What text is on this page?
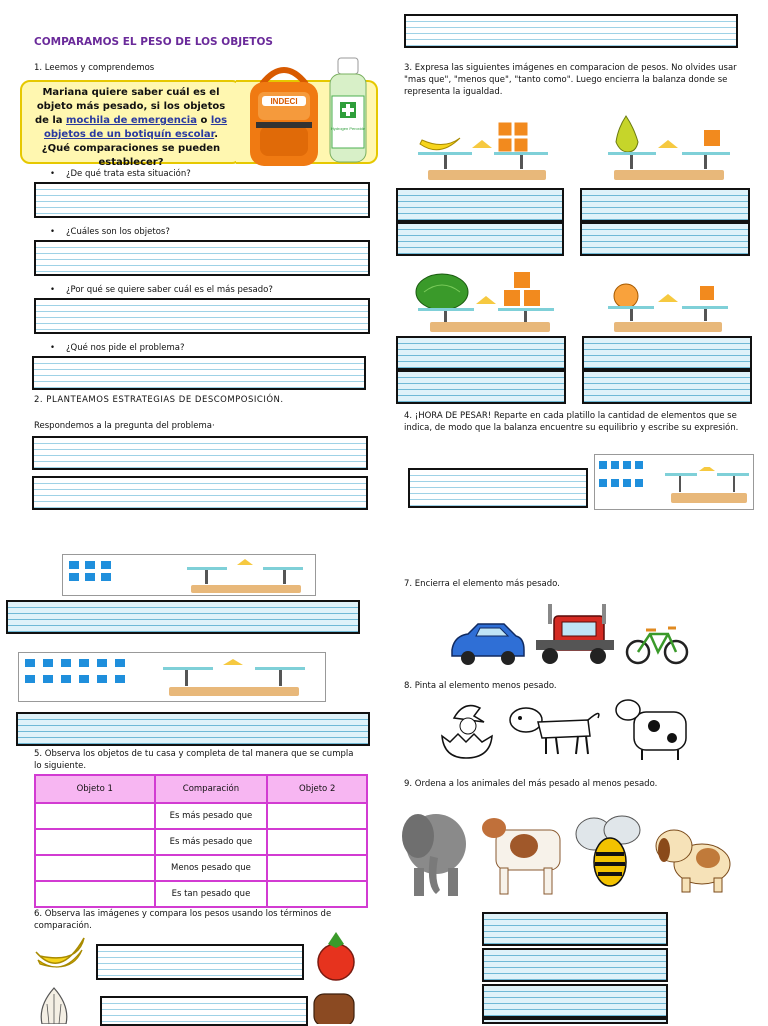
COMPARAMOS EL PESO DE LOS OBJETOS
1. Leemos y comprendemos
Mariana quiere saber cuál es el objeto más pesado, si los objetos de la mochila de emergencia o los objetos de un botiquín escolar. ¿Qué comparaciones se pueden establecer?
INDECI
Hydrogen Peroxide
• ¿De qué trata esta situación?
• ¿Cuáles son los objetos?
• ¿Por qué se quiere saber cuál es el más pesado?
• ¿Qué nos pide el problema?
2. PLANTEAMOS ESTRATEGIAS DE DESCOMPOSICIÓN.
Respondemos a la pregunta del problema·
5. Observa los objetos de tu casa y completa de tal manera que se cumpla lo siguiente.
Objeto 1	Comparación	Objeto 2
	Es más pesado que	
	Es más pesado que	
	Menos pesado que	
	Es tan pesado que	
6. Observa las imágenes y compara los pesos usando los términos de comparación.
3. Expresa las siguientes imágenes en comparacion de pesos. No olvides usar "mas que", "menos que", "tanto como". Luego encierra la balanza donde se representa la igualdad.
4. ¡HORA DE PESAR! Reparte en cada platillo la cantidad de elementos que se indica, de modo que la balanza encuentre su equilibrio y escribe su expresión.
7. Encierra el elemento más pesado.
8. Pinta al elemento menos pesado.
9. Ordena a los animales del más pesado al menos pesado.
